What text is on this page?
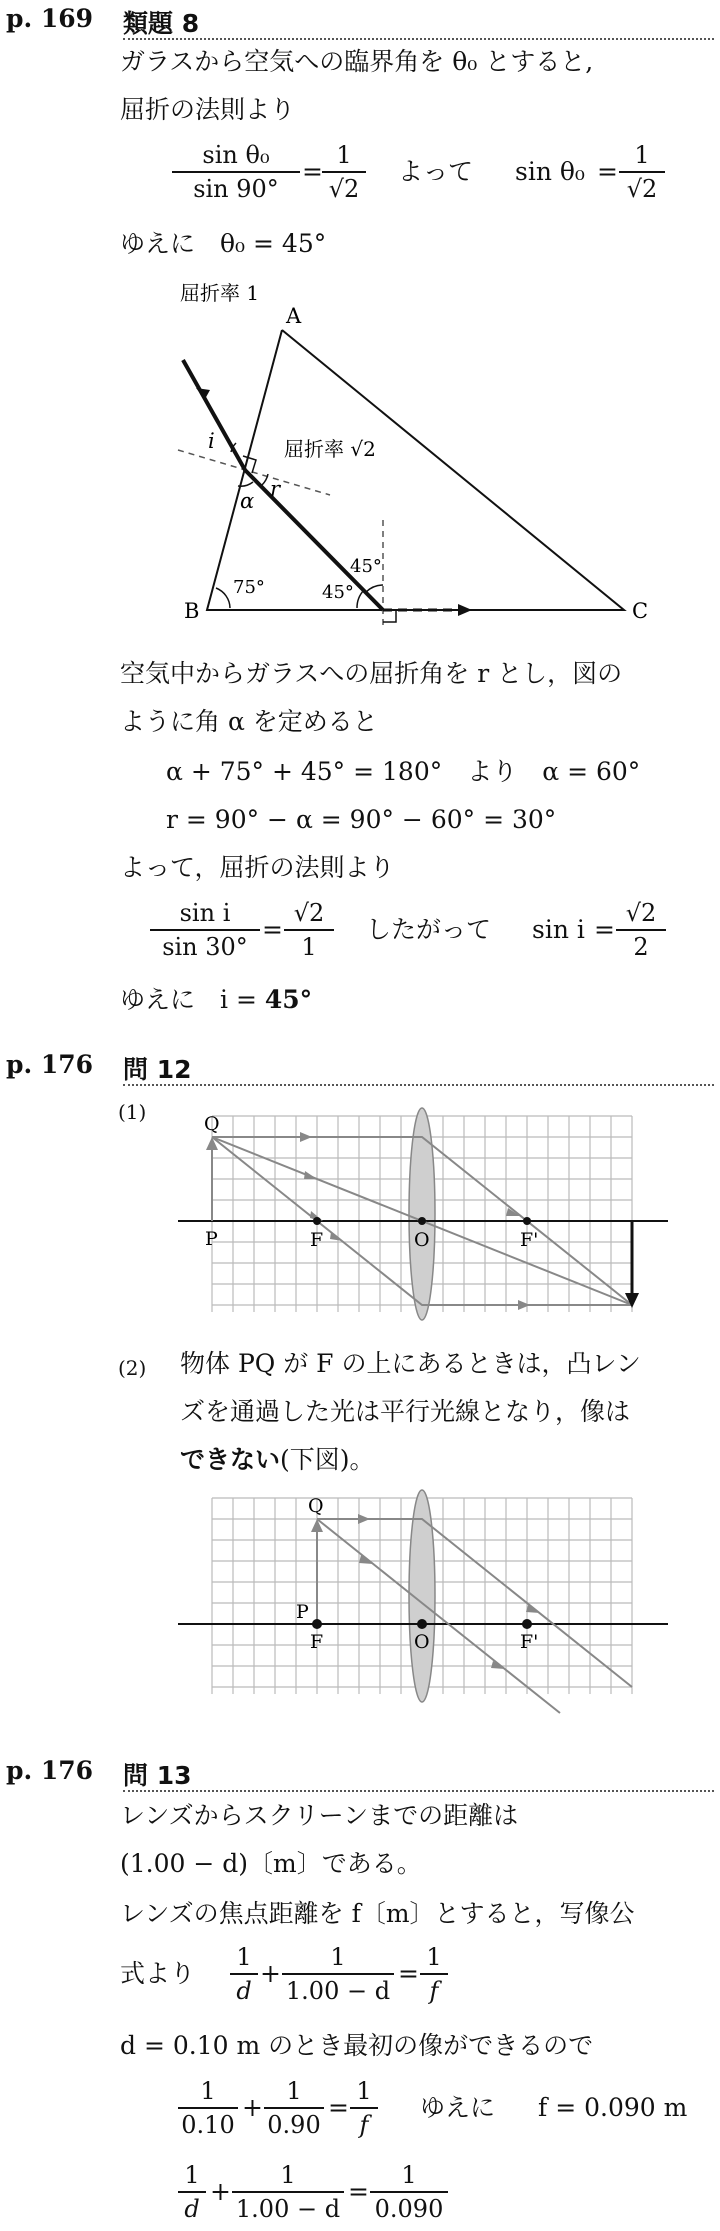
p. 169 類題 8
ガラスから空気への臨界角を θ₀ とすると,
屈折の法則より
sin θ₀
sin 90°
=
1
√2
よって sin θ₀ =
1
√2
ゆえに　θ₀ = 45°
屈折率 1
A
B	C
屈折率 √2
i
r
α
75°
45°
45°
空気中からガラスへの屈折角を r とし，図の
ように角 α を定めると
α + 75° + 45° = 180°　より　α = 60°
r = 90° − α = 90° − 60° = 30°
よって，屈折の法則より
sin i
sin 30°
=
√2
1
したがって sin i =
√2
2
ゆえに　i = 45°
p. 176 問 12
(1)	Q
P	F	O	F'
(2) 物体 PQ が F の上にあるときは，凸レン
ズを通過した光は平行光線となり，像は
できない(下図)。
Q
P
F	O	F'
p. 176 問 13
レンズからスクリーンまでの距離は
(1.00 − d)〔m〕である。
レンズの焦点距離を f〔m〕とすると，写像公
式より
1
d
+
1
1.00 − d
=
1
f
d = 0.10 m のとき最初の像ができるので
1
0.10
+
1
0.90
=
1
f
ゆえに f = 0.090 m
1
d
+
1
1.00 − d
=
1
0.090
